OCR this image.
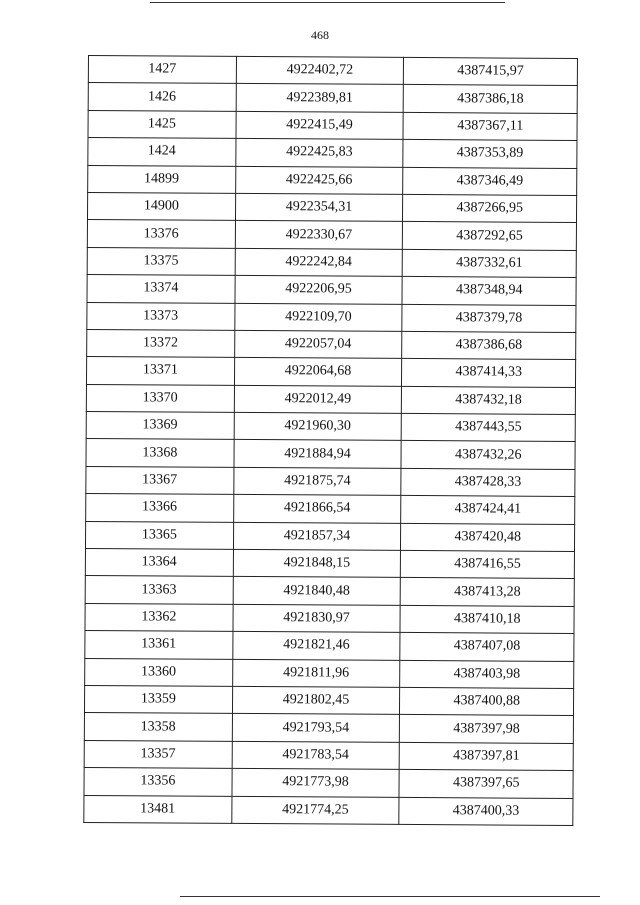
468
1427	4922402,72	4387415,97
1426	4922389,81	4387386,18
1425	4922415,49	4387367,11
1424	4922425,83	4387353,89
14899	4922425,66	4387346,49
14900	4922354,31	4387266,95
13376	4922330,67	4387292,65
13375	4922242,84	4387332,61
13374	4922206,95	4387348,94
13373	4922109,70	4387379,78
13372	4922057,04	4387386,68
13371	4922064,68	4387414,33
13370	4922012,49	4387432,18
13369	4921960,30	4387443,55
13368	4921884,94	4387432,26
13367	4921875,74	4387428,33
13366	4921866,54	4387424,41
13365	4921857,34	4387420,48
13364	4921848,15	4387416,55
13363	4921840,48	4387413,28
13362	4921830,97	4387410,18
13361	4921821,46	4387407,08
13360	4921811,96	4387403,98
13359	4921802,45	4387400,88
13358	4921793,54	4387397,98
13357	4921783,54	4387397,81
13356	4921773,98	4387397,65
13481	4921774,25	4387400,33
